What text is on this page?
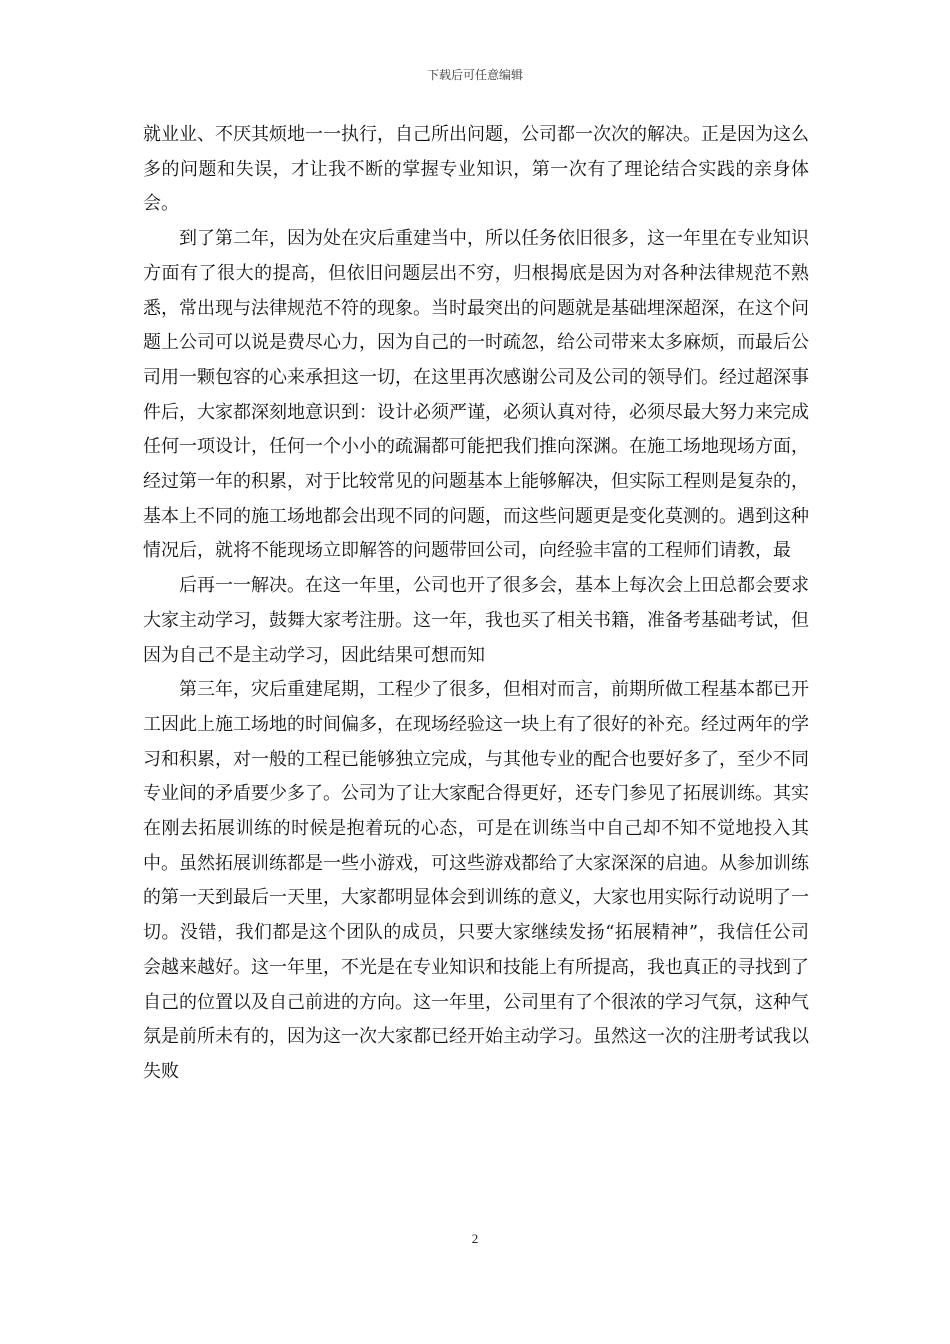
下载后可任意编辑

就业业、不厌其烦地一一执行，自己所出问题，公司都一次次的解决。正是因为这么多的问题和失误，才让我不断的掌握专业知识，第一次有了理论结合实践的亲身体会。

到了第二年，因为处在灾后重建当中，所以任务依旧很多，这一年里在专业知识方面有了很大的提高，但依旧问题层出不穷，归根揭底是因为对各种法律规范不熟悉，常出现与法律规范不符的现象。当时最突出的问题就是基础埋深超深，在这个问题上公司可以说是费尽心力，因为自己的一时疏忽，给公司带来太多麻烦，而最后公司用一颗包容的心来承担这一切，在这里再次感谢公司及公司的领导们。经过超深事件后，大家都深刻地意识到：设计必须严谨，必须认真对待，必须尽最大努力来完成任何一项设计，任何一个小小的疏漏都可能把我们推向深渊。在施工场地现场方面，经过第一年的积累，对于比较常见的问题基本上能够解决，但实际工程则是复杂的，基本上不同的施工场地都会出现不同的问题，而这些问题更是变化莫测的。遇到这种情况后，就将不能现场立即解答的问题带回公司，向经验丰富的工程师们请教，最

后再一一解决。在这一年里，公司也开了很多会，基本上每次会上田总都会要求大家主动学习，鼓舞大家考注册。这一年，我也买了相关书籍，准备考基础考试，但因为自己不是主动学习，因此结果可想而知

第三年，灾后重建尾期，工程少了很多，但相对而言，前期所做工程基本都已开工因此上施工场地的时间偏多，在现场经验这一块上有了很好的补充。经过两年的学习和积累，对一般的工程已能够独立完成，与其他专业的配合也要好多了，至少不同专业间的矛盾要少多了。公司为了让大家配合得更好，还专门参见了拓展训练。其实在刚去拓展训练的时候是抱着玩的心态，可是在训练当中自己却不知不觉地投入其中。虽然拓展训练都是一些小游戏，可这些游戏都给了大家深深的启迪。从参加训练的第一天到最后一天里，大家都明显体会到训练的意义，大家也用实际行动说明了一切。没错，我们都是这个团队的成员，只要大家继续发扬“拓展精神”，我信任公司会越来越好。这一年里，不光是在专业知识和技能上有所提高，我也真正的寻找到了自己的位置以及自己前进的方向。这一年里，公司里有了个很浓的学习气氛，这种气氛是前所未有的，因为这一次大家都已经开始主动学习。虽然这一次的注册考试我以失败

2
